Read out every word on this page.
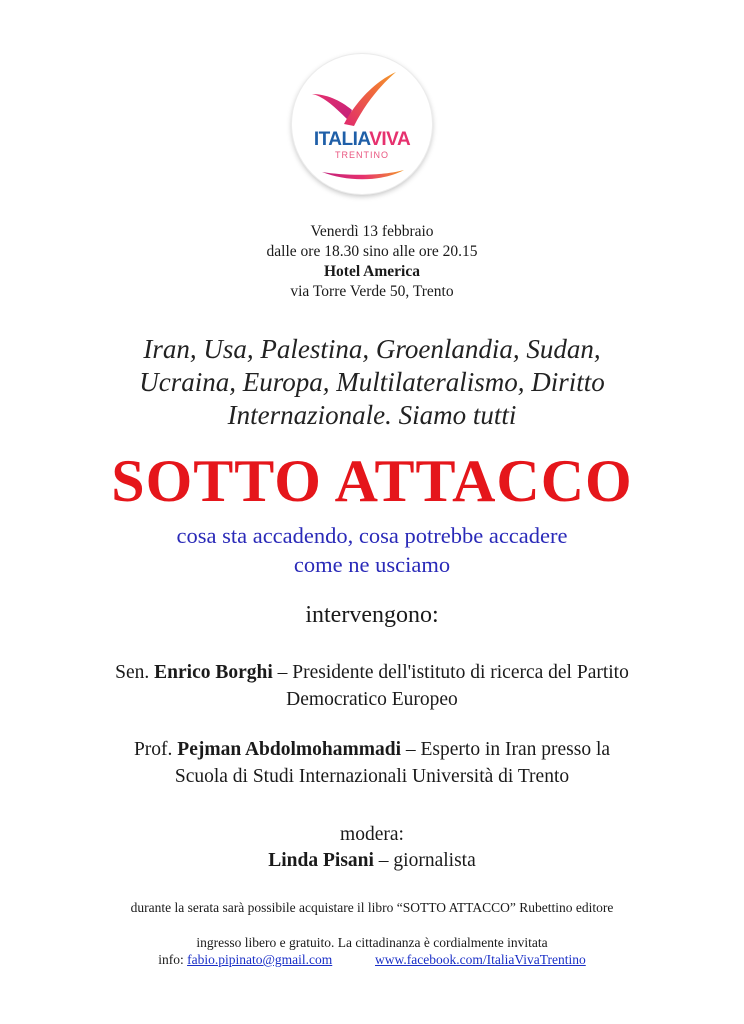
ITALIAVIVA
TRENTINO
Venerdì 13 febbraio
dalle ore 18.30 sino alle ore 20.15
Hotel America
via Torre Verde 50, Trento
Iran, Usa, Palestina, Groenlandia, Sudan,
Ucraina, Europa, Multilateralismo, Diritto
Internazionale. Siamo tutti
SOTTO ATTACCO
cosa sta accadendo, cosa potrebbe accadere
come ne usciamo
intervengono:
Sen. Enrico Borghi – Presidente dell'istituto di ricerca del Partito
Democratico Europeo
Prof. Pejman Abdolmohammadi – Esperto in Iran presso la
Scuola di Studi Internazionali Università di Trento
modera:
Linda Pisani – giornalista
durante la serata sarà possibile acquistare il libro “SOTTO ATTACCO” Rubettino editore
ingresso libero e gratuito. La cittadinanza è cordialmente invitata
info: fabio.pipinato@gmail.com	www.facebook.com/ItaliaVivaTrentino
